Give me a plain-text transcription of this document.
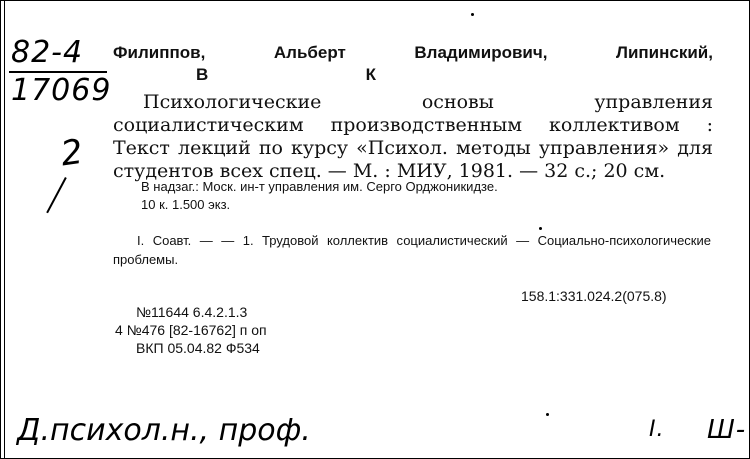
82-4
17069
2
Филиппов,	Альберт	Владимирович,	Липинский,
В	К

Психологические основы управления социалистическим производственным коллективом : Текст лекций по курсу «Психол. методы управления» для студентов всех спец. — М. : МИУ, 1981. — 32 с.; 20 см.

В надзаг.: Моск. ин-т управления им. Серго Орджоникидзе.
10 к. 1.500 экз.

I. Соавт. — — 1. Трудовой коллектив социалистический — Социально-психологические проблемы.

158.1:331.024.2(075.8)
№11644 6.4.2.1.3
4 №476 [82-16762] п оп
ВКП 05.04.82 Ф534
Д.психол.н., проф.	I. Ш-
